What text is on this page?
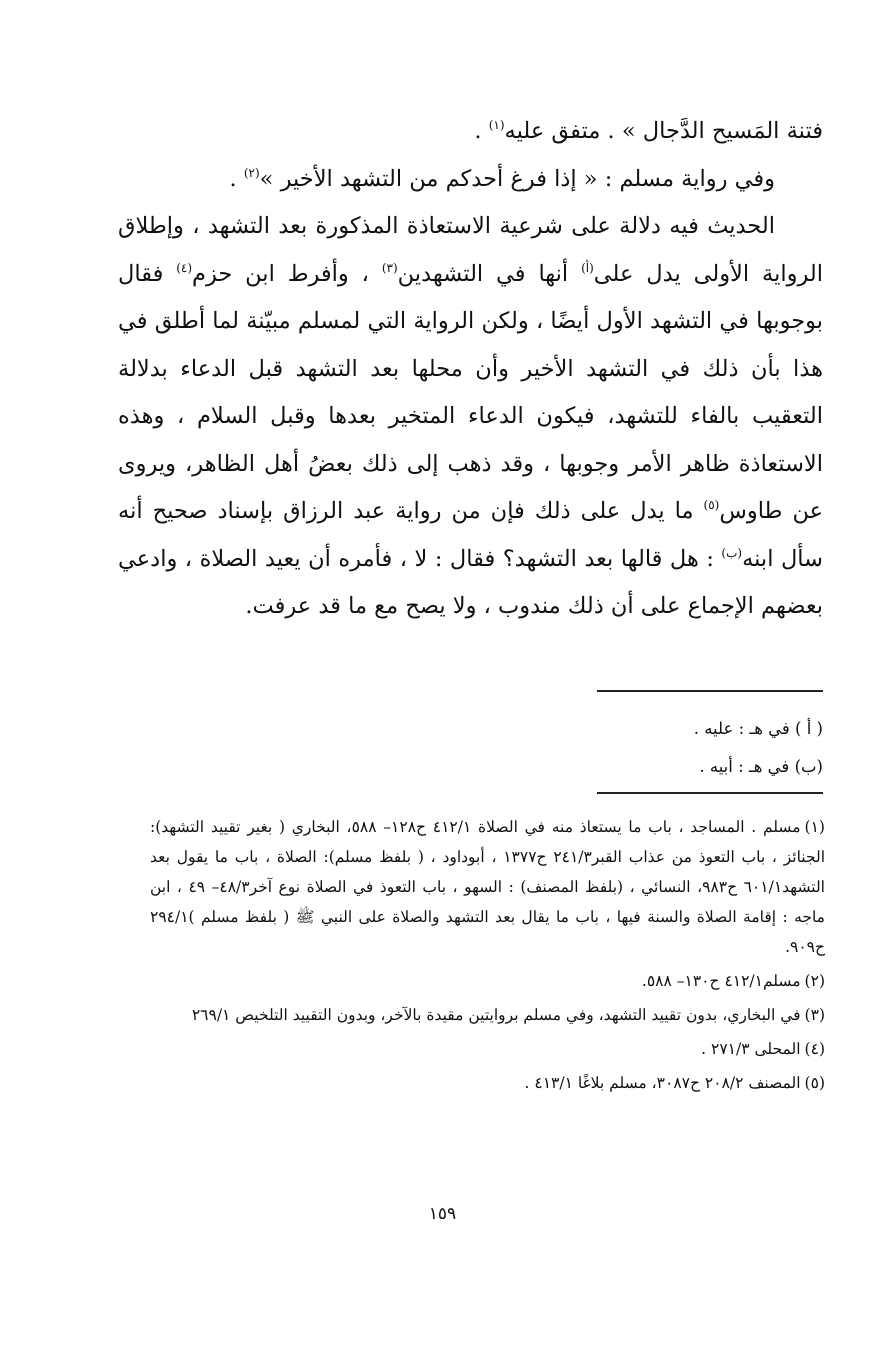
فتنة المَسيح الدَّجال » . متفق عليه$^{(١)}$ .

وفي رواية مسلم : « إذا فرغ أحدكم من التشهد الأخير »$^{(٢)}$ .

الحديث فيه دلالة على شرعية الاستعاذة المذكورة بعد التشهد ، وإطلاق الرواية الأولى يدل على$^{(أ)}$ أنها في التشهدين$^{(٣)}$ ، وأفرط ابن حزم$^{(٤)}$ فقال بوجوبها في التشهد الأول أيضًا ، ولكن الرواية التي لمسلم مبيّنة لما أطلق في هذا بأن ذلك في التشهد الأخير وأن محلها بعد التشهد قبل الدعاء بدلالة التعقيب بالفاء للتشهد، فيكون الدعاء المتخير بعدها وقبل السلام ، وهذه الاستعاذة ظاهر الأمر وجوبها ، وقد ذهب إلى ذلك بعضُ أهل الظاهر، ويروى عن طاوس$^{(٥)}$ ما يدل على ذلك فإن من رواية عبد الرزاق بإسناد صحيح أنه سأل ابنه$^{(ب)}$ : هل قالها بعد التشهد؟ فقال : لا ، فأمره أن يعيد الصلاة ، وادعي بعضهم الإجماع على أن ذلك مندوب ، ولا يصح مع ما قد عرفت.

( أ ) في هـ : عليه .
(ب) في هـ : أبيه .

(١)مسلم . المساجد ، باب ما يستعاذ منه في الصلاة ٤١٢/١ ح١٢٨– ٥٨٨، البخاري ( بغير تقييد التشهد): الجنائز ، باب التعوذ من عذاب القبر٢٤١/٣ ح١٣٧٧ ، أبوداود ، ( بلفظ مسلم): الصلاة ، باب ما يقول بعد التشهد٦٠١/١ ح٩٨٣، النسائي ، (بلفظ المصنف) : السهو ، باب التعوذ في الصلاة نوع آخر٤٨/٣– ٤٩ ، ابن ماجه : إقامة الصلاة والسنة فيها ، باب ما يقال بعد التشهد والصلاة على النبي ﷺ ( بلفظ مسلم )٢٩٤/١ ح٩٠٩.

(٢)مسلم٤١٢/١ ح١٣٠– ٥٨٨.

(٣)في البخاري، بدون تقييد التشهد، وفي مسلم بروايتين مقيدة بالآخر، وبدون التقييد التلخيص ٢٦٩/١

(٤)المحلى ٢٧١/٣ .

(٥)المصنف ٢٠٨/٢ ح٣٠٨٧، مسلم بلاغًا ٤١٣/١ .

١٥٩
